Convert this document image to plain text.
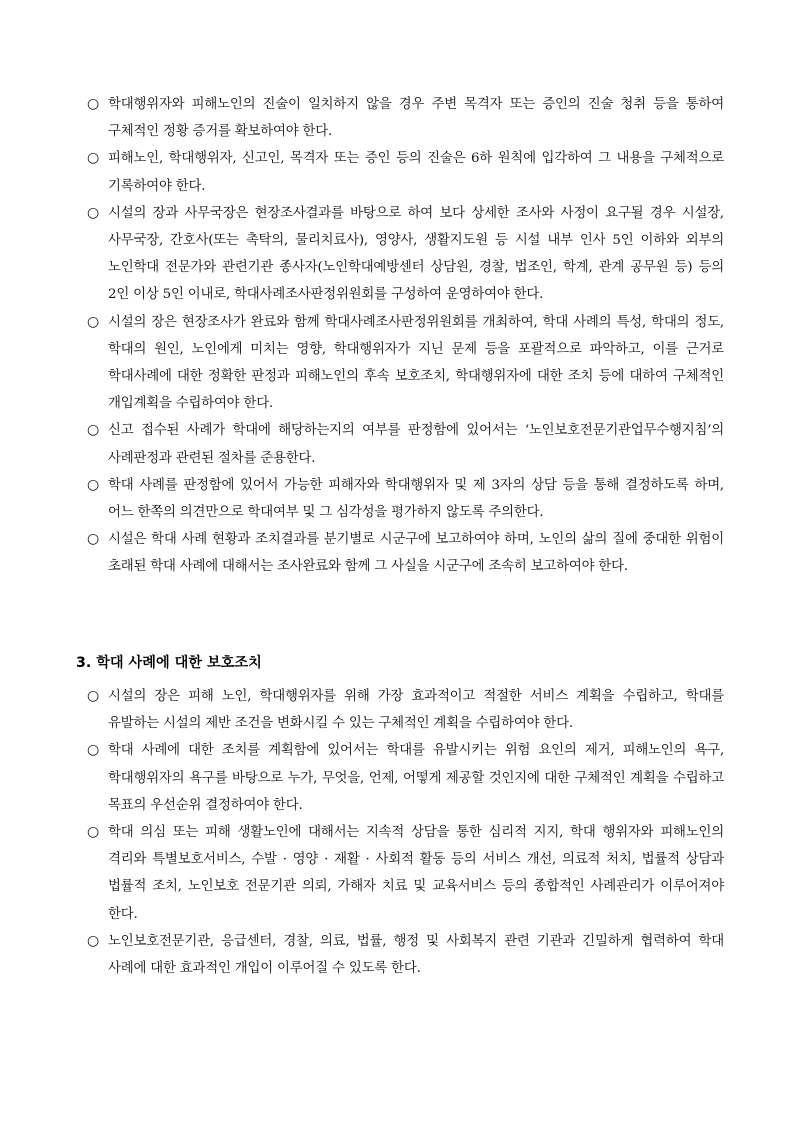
○ 학대행위자와 피해노인의 진술이 일치하지 않을 경우 주변 목격자 또는 증인의 진술 청취 등을 통하여 구체적인 정황 증거를 확보하여야 한다.
○ 피해노인, 학대행위자, 신고인, 목격자 또는 증인 등의 진술은 6하 원칙에 입각하여 그 내용을 구체적으로 기록하여야 한다.
○ 시설의 장과 사무국장은 현장조사결과를 바탕으로 하여 보다 상세한 조사와 사정이 요구될 경우 시설장, 사무국장, 간호사(또는 촉탁의, 물리치료사), 영양사, 생활지도원 등 시설 내부 인사 5인 이하와 외부의 노인학대 전문가와 관련기관 종사자(노인학대예방센터 상담원, 경찰, 법조인, 학계, 관계 공무원 등) 등의 2인 이상 5인 이내로, 학대사례조사판정위원회를 구성하여 운영하여야 한다.
○ 시설의 장은 현장조사가 완료와 함께 학대사례조사판정위원회를 개최하여, 학대 사례의 특성, 학대의 정도, 학대의 원인, 노인에게 미치는 영향, 학대행위자가 지닌 문제 등을 포괄적으로 파악하고, 이를 근거로 학대사례에 대한 정확한 판정과 피해노인의 후속 보호조치, 학대행위자에 대한 조치 등에 대하여 구체적인 개입계획을 수립하여야 한다.
○ 신고 접수된 사례가 학대에 해당하는지의 여부를 판정함에 있어서는 ‘노인보호전문기관업무수행지침’의 사례판정과 관련된 절차를 준용한다.
○ 학대 사례를 판정함에 있어서 가능한 피해자와 학대행위자 및 제 3자의 상담 등을 통해 결정하도록 하며, 어느 한쪽의 의견만으로 학대여부 및 그 심각성을 평가하지 않도록 주의한다.
○ 시설은 학대 사례 현황과 조치결과를 분기별로 시군구에 보고하여야 하며, 노인의 삶의 질에 중대한 위험이 초래된 학대 사례에 대해서는 조사완료와 함께 그 사실을 시군구에 조속히 보고하여야 한다.
3. 학대 사례에 대한 보호조치
○ 시설의 장은 피해 노인, 학대행위자를 위해 가장 효과적이고 적절한 서비스 계획을 수립하고, 학대를 유발하는 시설의 제반 조건을 변화시킬 수 있는 구체적인 계획을 수립하여야 한다.
○ 학대 사례에 대한 조치를 계획함에 있어서는 학대를 유발시키는 위험 요인의 제거, 피해노인의 욕구, 학대행위자의 욕구를 바탕으로 누가, 무엇을, 언제, 어떻게 제공할 것인지에 대한 구체적인 계획을 수립하고 목표의 우선순위 결정하여야 한다.
○ 학대 의심 또는 피해 생활노인에 대해서는 지속적 상담을 통한 심리적 지지, 학대 행위자와 피해노인의 격리와 특별보호서비스, 수발 · 영양 · 재활 · 사회적 활동 등의 서비스 개선, 의료적 처치, 법률적 상담과 법률적 조치, 노인보호 전문기관 의뢰, 가해자 치료 및 교육서비스 등의 종합적인 사례관리가 이루어져야 한다.
○ 노인보호전문기관, 응급센터, 경찰, 의료, 법률, 행정 및 사회복지 관련 기관과 긴밀하게 협력하여 학대 사례에 대한 효과적인 개입이 이루어질 수 있도록 한다.
